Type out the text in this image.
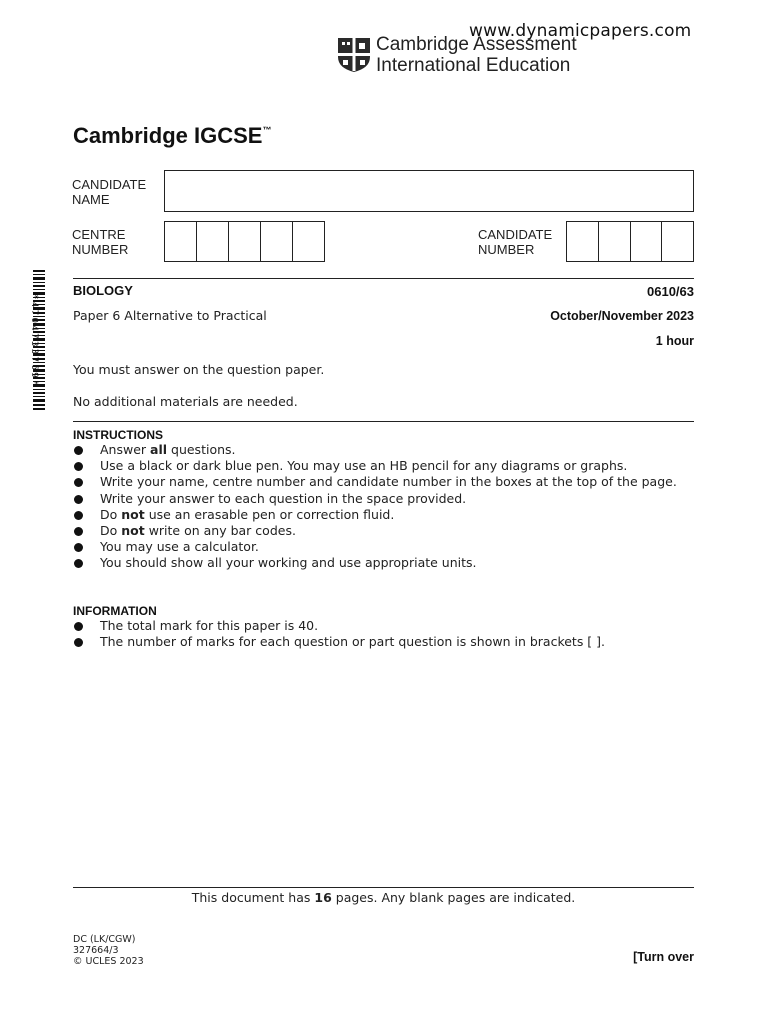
www.dynamicpapers.com
Cambridge Assessment
International Education
Cambridge IGCSE™
CANDIDATE
NAME
CENTRE
NUMBER
CANDIDATE
NUMBER
*4704733769*
BIOLOGY	0610/63
Paper 6 Alternative to Practical	October/November 2023
1 hour
You must answer on the question paper.
No additional materials are needed.
INSTRUCTIONS
Answer all questions.
Use a black or dark blue pen. You may use an HB pencil for any diagrams or graphs.
Write your name, centre number and candidate number in the boxes at the top of the page.
Write your answer to each question in the space provided.
Do not use an erasable pen or correction fluid.
Do not write on any bar codes.
You may use a calculator.
You should show all your working and use appropriate units.
INFORMATION
The total mark for this paper is 40.
The number of marks for each question or part question is shown in brackets [ ].
This document has 16 pages. Any blank pages are indicated.
DC (LK/CGW)
327664/3
© UCLES 2023	[Turn over
